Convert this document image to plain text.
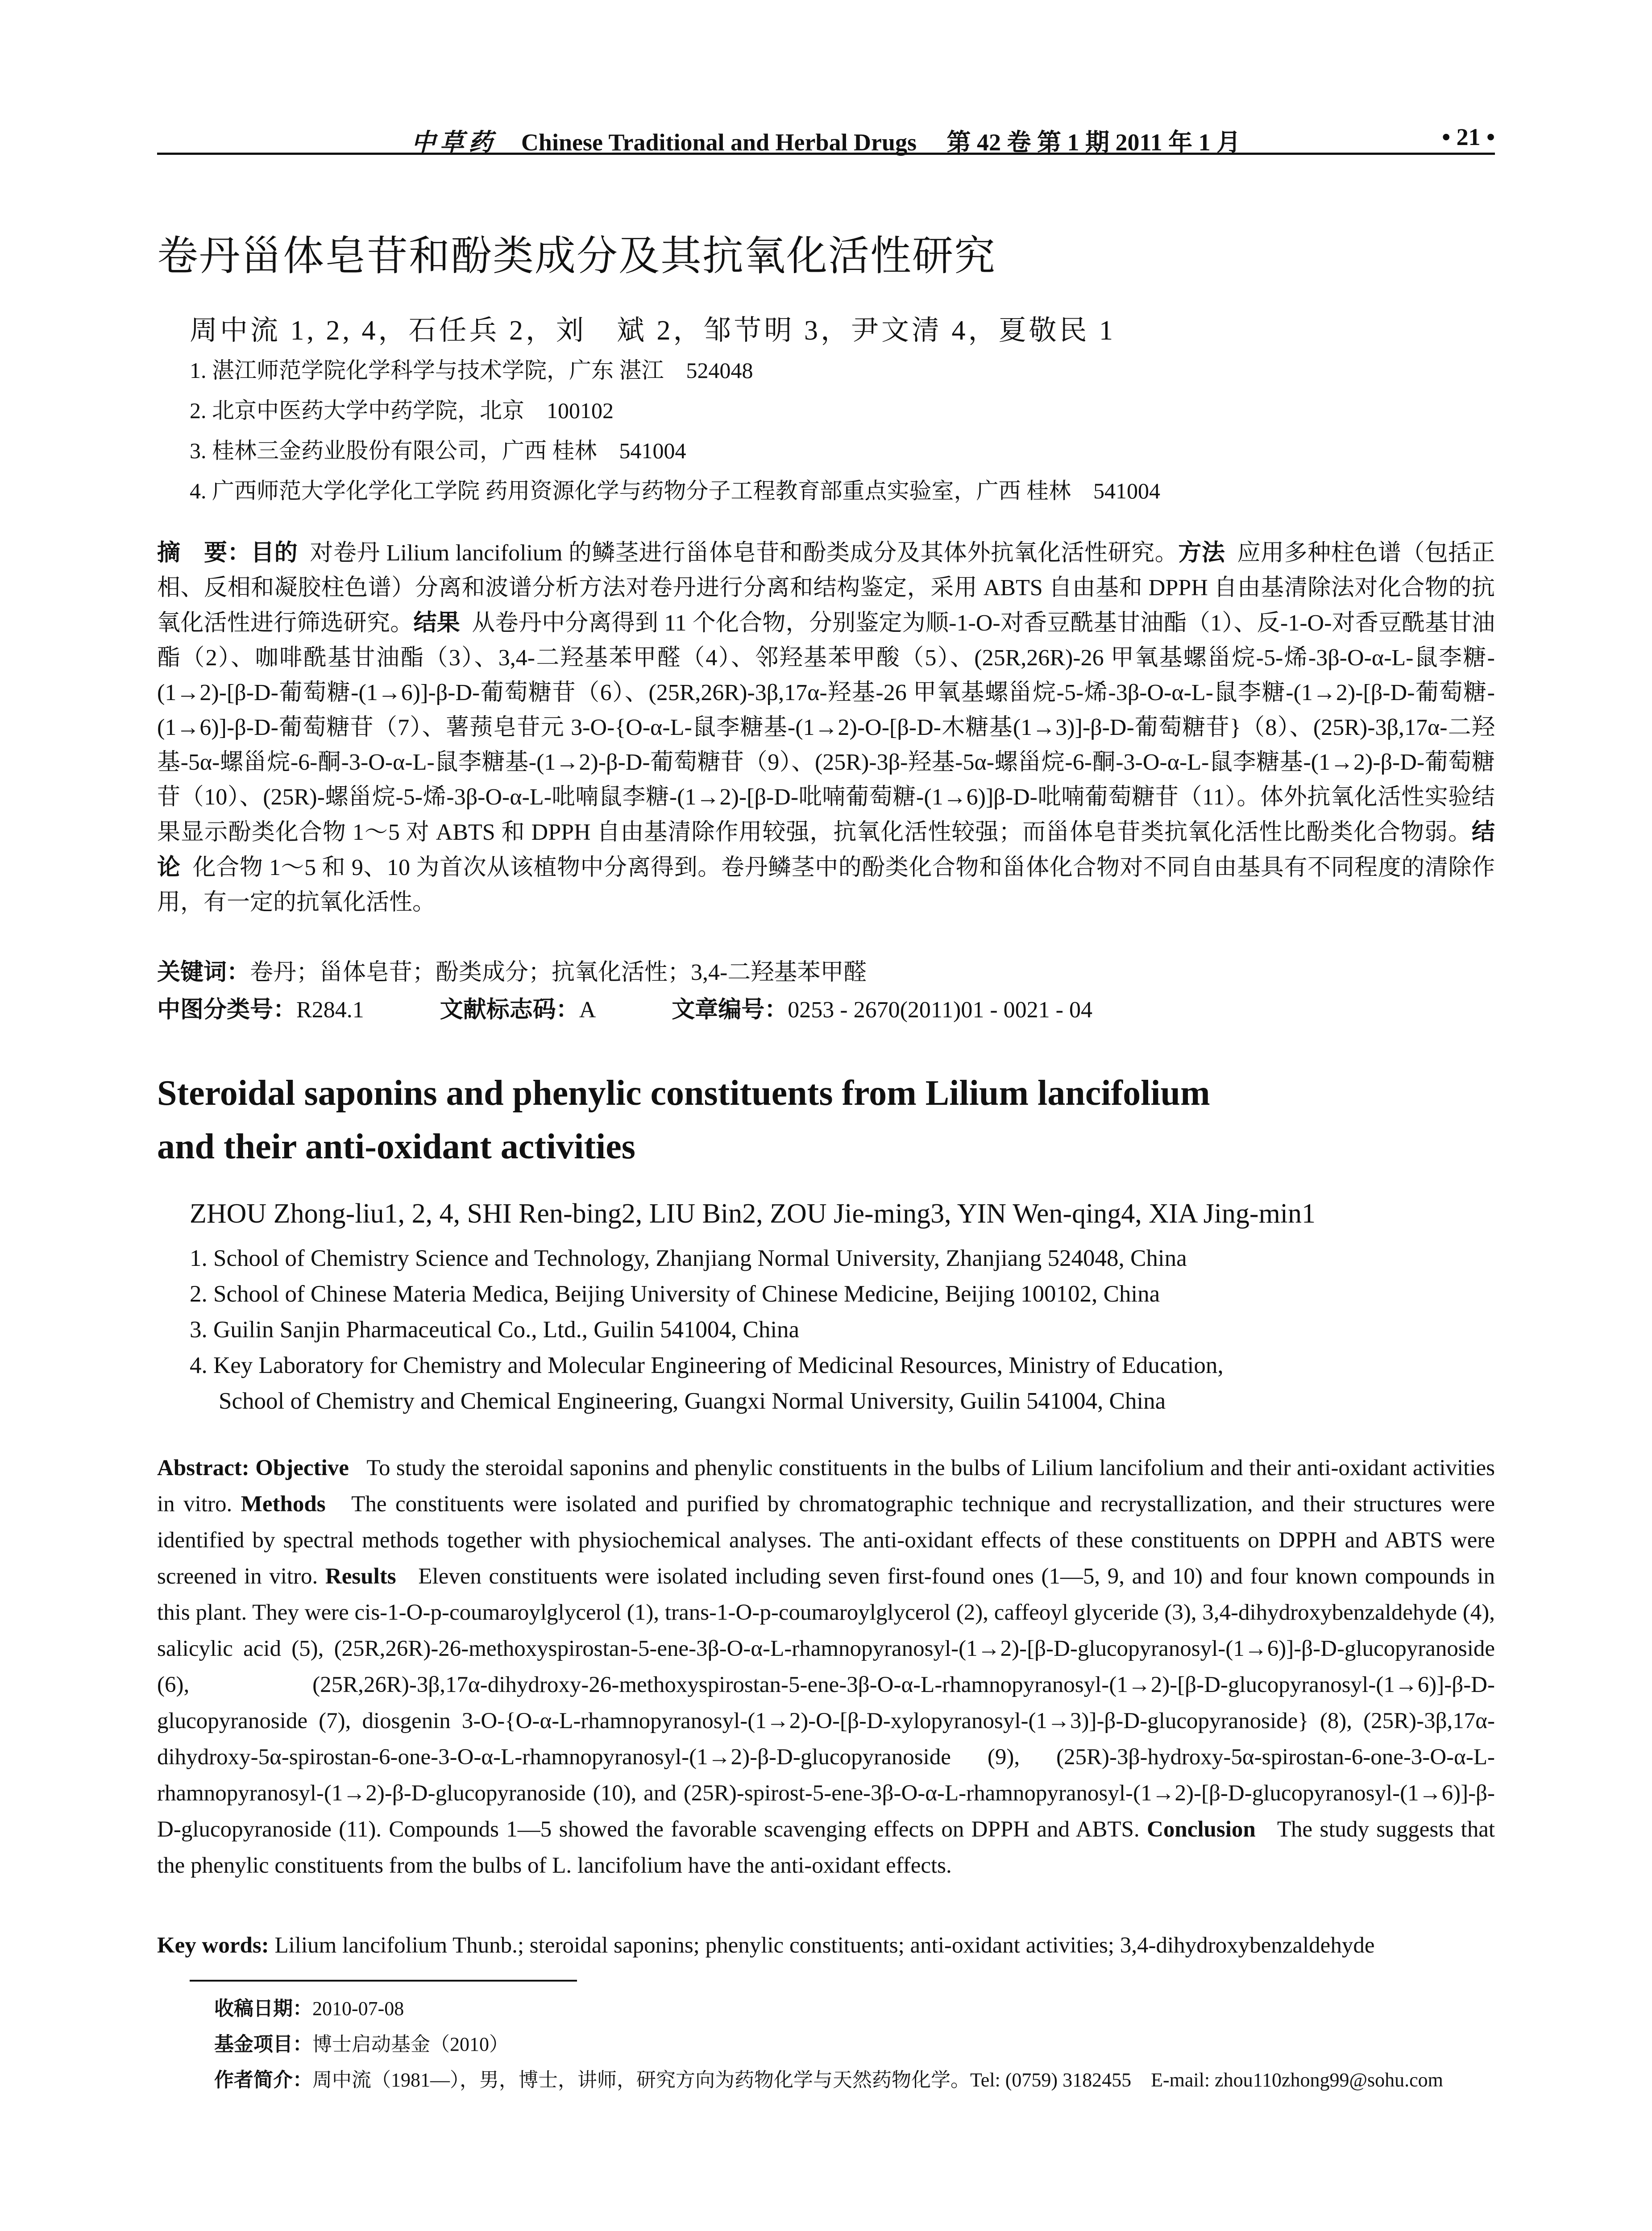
中草药 Chinese Traditional and Herbal Drugs 第 42 卷 第 1 期 2011 年 1 月	• 21 •
卷丹甾体皂苷和酚类成分及其抗氧化活性研究
周中流 1, 2, 4，石任兵 2，刘　斌 2，邹节明 3，尹文清 4，夏敬民 1
1. 湛江师范学院化学科学与技术学院，广东 湛江　524048
2. 北京中医药大学中药学院，北京　100102
3. 桂林三金药业股份有限公司，广西 桂林　541004
4. 广西师范大学化学化工学院 药用资源化学与药物分子工程教育部重点实验室，广西 桂林　541004
摘　要：目的 对卷丹 Lilium lancifolium 的鳞茎进行甾体皂苷和酚类成分及其体外抗氧化活性研究。方法 应用多种柱色谱（包括正相、反相和凝胶柱色谱）分离和波谱分析方法对卷丹进行分离和结构鉴定，采用 ABTS 自由基和 DPPH 自由基清除法对化合物的抗氧化活性进行筛选研究。结果 从卷丹中分离得到 11 个化合物，分别鉴定为顺-1-O-对香豆酰基甘油酯（1）、反-1-O-对香豆酰基甘油酯（2）、咖啡酰基甘油酯（3）、3,4-二羟基苯甲醛（4）、邻羟基苯甲酸（5）、(25R,26R)-26 甲氧基螺甾烷-5-烯-3β-O-α-L-鼠李糖-(1→2)-[β-D-葡萄糖-(1→6)]-β-D-葡萄糖苷（6）、(25R,26R)-3β,17α-羟基-26 甲氧基螺甾烷-5-烯-3β-O-α-L-鼠李糖-(1→2)-[β-D-葡萄糖-(1→6)]-β-D-葡萄糖苷（7）、薯蓣皂苷元 3-O-{O-α-L-鼠李糖基-(1→2)-O-[β-D-木糖基(1→3)]-β-D-葡萄糖苷}（8）、(25R)-3β,17α-二羟基-5α-螺甾烷-6-酮-3-O-α-L-鼠李糖基-(1→2)-β-D-葡萄糖苷（9）、(25R)-3β-羟基-5α-螺甾烷-6-酮-3-O-α-L-鼠李糖基-(1→2)-β-D-葡萄糖苷（10）、(25R)-螺甾烷-5-烯-3β-O-α-L-吡喃鼠李糖-(1→2)-[β-D-吡喃葡萄糖-(1→6)]β-D-吡喃葡萄糖苷（11）。体外抗氧化活性实验结果显示酚类化合物 1～5 对 ABTS 和 DPPH 自由基清除作用较强，抗氧化活性较强；而甾体皂苷类抗氧化活性比酚类化合物弱。结论 化合物 1～5 和 9、10 为首次从该植物中分离得到。卷丹鳞茎中的酚类化合物和甾体化合物对不同自由基具有不同程度的清除作用，有一定的抗氧化活性。
关键词：卷丹；甾体皂苷；酚类成分；抗氧化活性；3,4-二羟基苯甲醛
中图分类号：R284.1	文献标志码：A	文章编号：0253 - 2670(2011)01 - 0021 - 04
Steroidal saponins and phenylic constituents from Lilium lancifolium
and their anti-oxidant activities
ZHOU Zhong-liu1, 2, 4, SHI Ren-bing2, LIU Bin2, ZOU Jie-ming3, YIN Wen-qing4, XIA Jing-min1
1. School of Chemistry Science and Technology, Zhanjiang Normal University, Zhanjiang 524048, China
2. School of Chinese Materia Medica, Beijing University of Chinese Medicine, Beijing 100102, China
3. Guilin Sanjin Pharmaceutical Co., Ltd., Guilin 541004, China
4. Key Laboratory for Chemistry and Molecular Engineering of Medicinal Resources, Ministry of Education,
School of Chemistry and Chemical Engineering, Guangxi Normal University, Guilin 541004, China
Abstract: Objective To study the steroidal saponins and phenylic constituents in the bulbs of Lilium lancifolium and their anti-oxidant activities in vitro. Methods The constituents were isolated and purified by chromatographic technique and recrystallization, and their structures were identified by spectral methods together with physiochemical analyses. The anti-oxidant effects of these constituents on DPPH and ABTS were screened in vitro. Results Eleven constituents were isolated including seven first-found ones (1—5, 9, and 10) and four known compounds in this plant. They were cis-1-O-p-coumaroylglycerol (1), trans-1-O-p-coumaroylglycerol (2), caffeoyl glyceride (3), 3,4-dihydroxybenzaldehyde (4), salicylic acid (5), (25R,26R)-26-methoxyspirostan-5-ene-3β-O-α-L-rhamnopyranosyl-(1→2)-[β-D-glucopyranosyl-(1→6)]-β-D-glucopyranoside (6), (25R,26R)-3β,17α-dihydroxy-26-methoxyspirostan-5-ene-3β-O-α-L-rhamnopyranosyl-(1→2)-[β-D-glucopyranosyl-(1→6)]-β-D-glucopyranoside (7), diosgenin 3-O-{O-α-L-rhamnopyranosyl-(1→2)-O-[β-D-xylopyranosyl-(1→3)]-β-D-glucopyranoside} (8), (25R)-3β,17α-dihydroxy-5α-spirostan-6-one-3-O-α-L-rhamnopyranosyl-(1→2)-β-D-glucopyranoside (9), (25R)-3β-hydroxy-5α-spirostan-6-one-3-O-α-L-rhamnopyranosyl-(1→2)-β-D-glucopyranoside (10), and (25R)-spirost-5-ene-3β-O-α-L-rhamnopyranosyl-(1→2)-[β-D-glucopyranosyl-(1→6)]-β-D-glucopyranoside (11). Compounds 1—5 showed the favorable scavenging effects on DPPH and ABTS. Conclusion The study suggests that the phenylic constituents from the bulbs of L. lancifolium have the anti-oxidant effects.
Key words: Lilium lancifolium Thunb.; steroidal saponins; phenylic constituents; anti-oxidant activities; 3,4-dihydroxybenzaldehyde
收稿日期：2010-07-08
基金项目：博士启动基金（2010）
作者简介：周中流（1981—），男，博士，讲师，研究方向为药物化学与天然药物化学。Tel: (0759) 3182455　E-mail: zhou110zhong99@sohu.com
